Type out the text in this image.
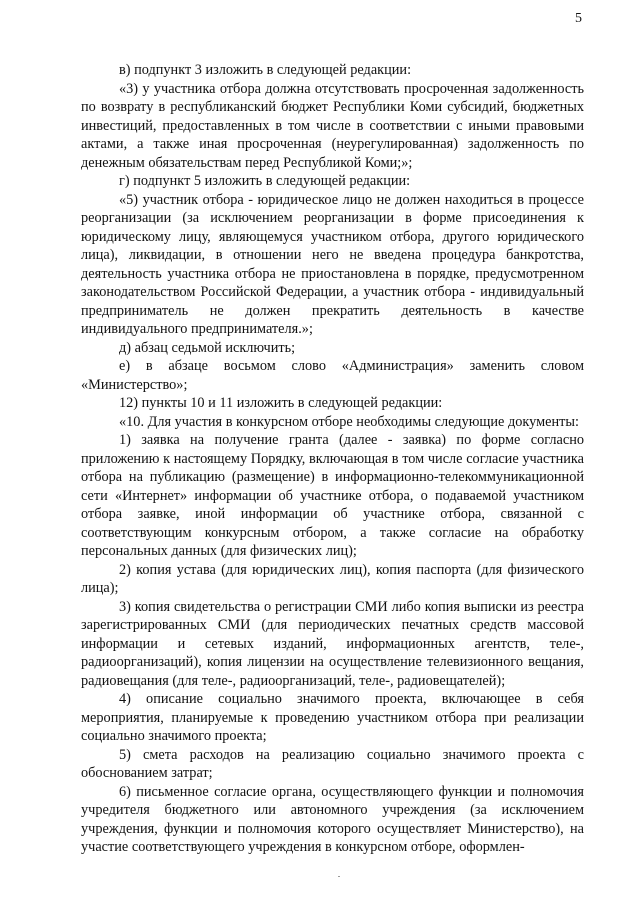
5

в) подпункт 3 изложить в следующей редакции:

«3) у участника отбора должна отсутствовать просроченная задолженность по возврату в республиканский бюджет Республики Коми субсидий, бюджетных инвестиций, предоставленных в том числе в соответствии с иными правовыми актами, а также иная просроченная (неурегулированная) задолженность по денежным обязательствам перед Республикой Коми;»;

г) подпункт 5 изложить в следующей редакции:

«5) участник отбора - юридическое лицо не должен находиться в процессе реорганизации (за исключением реорганизации в форме присоединения к юридическому лицу, являющемуся участником отбора, другого юридического лица), ликвидации, в отношении него не введена процедура банкротства, деятельность участника отбора не приостановлена в порядке, предусмотренном законодательством Российской Федерации, а участник отбора - индивидуальный предприниматель не должен прекратить деятельность в качестве индивидуального предпринимателя.»;

д) абзац седьмой исключить;

е) в абзаце восьмом слово «Администрация» заменить словом «Министерство»;

12) пункты 10 и 11 изложить в следующей редакции:

«10. Для участия в конкурсном отборе необходимы следующие документы:

1) заявка на получение гранта (далее - заявка) по форме согласно приложению к настоящему Порядку, включающая в том числе согласие участника отбора на публикацию (размещение) в информационно-телекоммуникационной сети «Интернет» информации об участнике отбора, о подаваемой участником отбора заявке, иной информации об участнике отбора, связанной с соответствующим конкурсным отбором, а также согласие на обработку персональных данных (для физических лиц);

2) копия устава (для юридических лиц), копия паспорта (для физического лица);

3) копия свидетельства о регистрации СМИ либо копия выписки из реестра зарегистрированных СМИ (для периодических печатных средств массовой информации и сетевых изданий, информационных агентств, теле-, радиоорганизаций), копия лицензии на осуществление телевизионного вещания, радиовещания (для теле-, радиоорганизаций, теле-, радиовещателей);

4) описание социально значимого проекта, включающее в себя мероприятия, планируемые к проведению участником отбора при реализации социально значимого проекта;

5) смета расходов на реализацию социально значимого проекта с обоснованием затрат;

6) письменное согласие органа, осуществляющего функции и полномочия учредителя бюджетного или автономного учреждения (за исключением учреждения, функции и полномочия которого осуществляет Министерство), на участие соответствующего учреждения в конкурсном отборе, оформлен-
